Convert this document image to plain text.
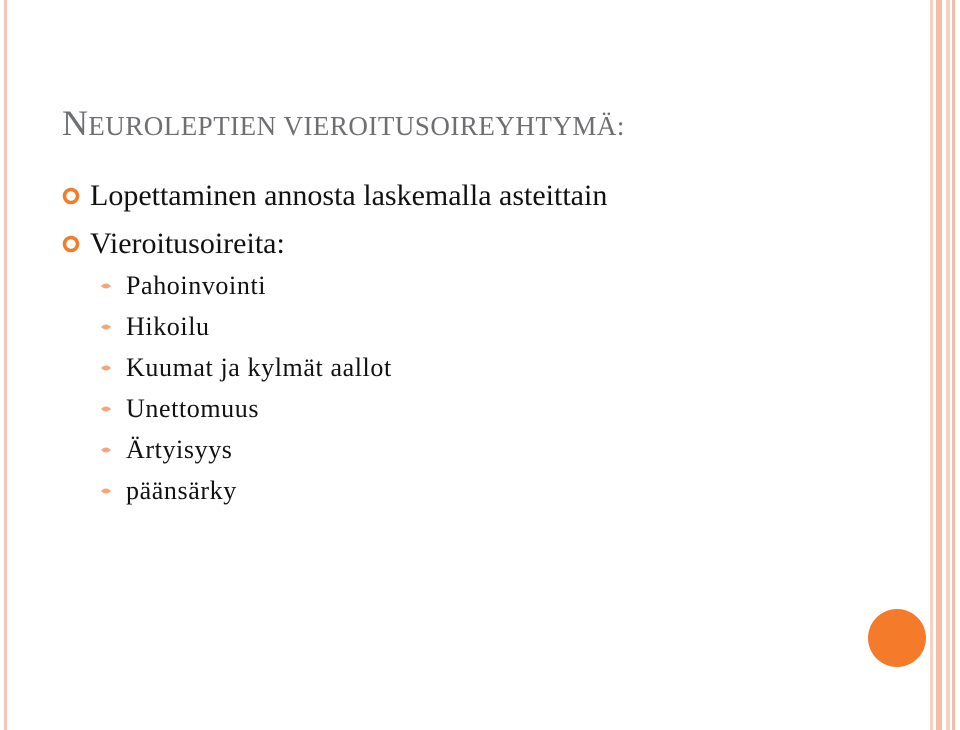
NEUROLEPTIEN VIEROITUSOIREYHTYMÄ:
Lopettaminen annosta laskemalla asteittain
Vieroitusoireita:
Pahoinvointi
Hikoilu
Kuumat ja kylmät aallot
Unettomuus
Ärtyisyys
päänsärky
